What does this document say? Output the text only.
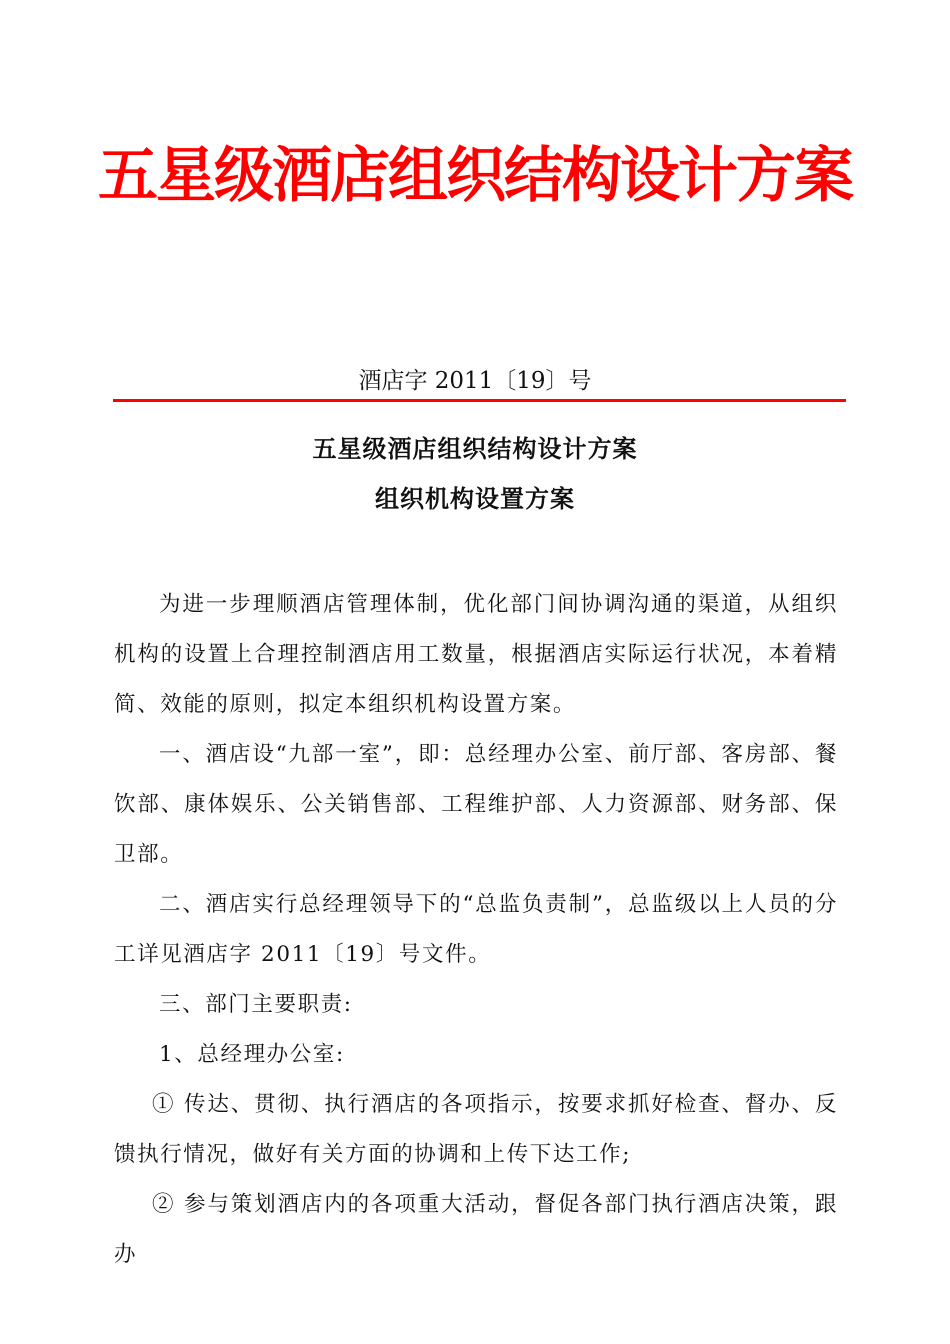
五星级酒店组织结构设计方案
酒店字 2011〔19〕号
五星级酒店组织结构设计方案
组织机构设置方案

为进一步理顺酒店管理体制，优化部门间协调沟通的渠道，从组织机构的设置上合理控制酒店用工数量，根据酒店实际运行状况，本着精简、效能的原则，拟定本组织机构设置方案。

一、酒店设“九部一室”，即：总经理办公室、前厅部、客房部、餐饮部、康体娱乐、公关销售部、工程维护部、人力资源部、财务部、保卫部。

二、酒店实行总经理领导下的“总监负责制”，总监级以上人员的分工详见酒店字 2011〔19〕号文件。

三、部门主要职责:

1、总经理办公室:

① 传达、贯彻、执行酒店的各项指示，按要求抓好检查、督办、反馈执行情况，做好有关方面的协调和上传下达工作;

② 参与策划酒店内的各项重大活动，督促各部门执行酒店决策，跟办
